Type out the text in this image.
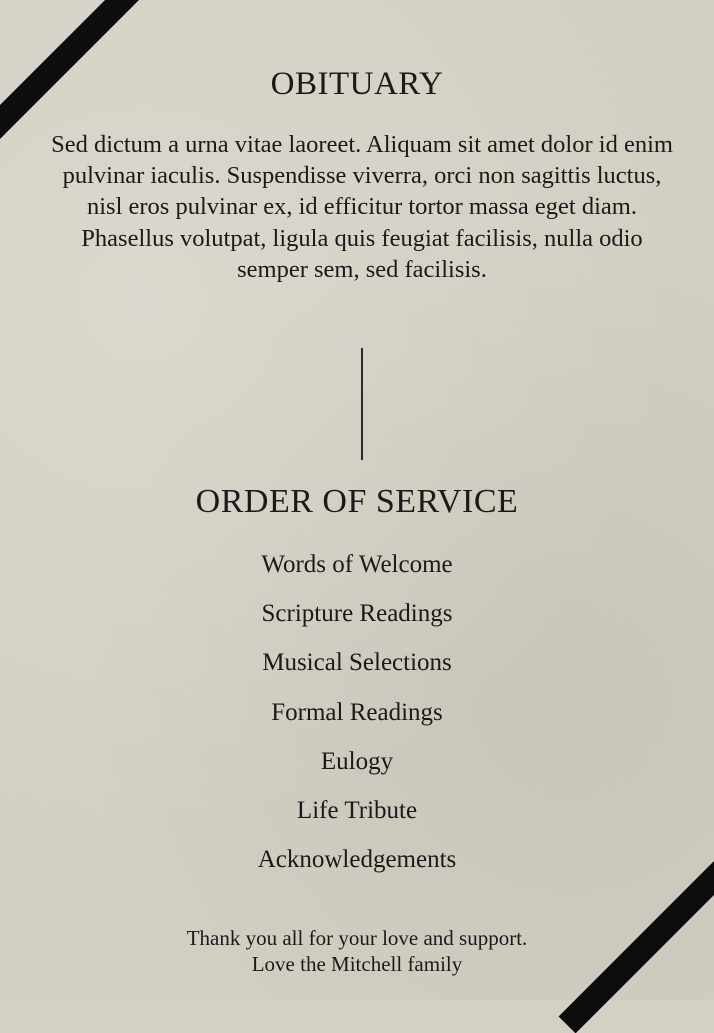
OBITUARY

Sed dictum a urna vitae laoreet. Aliquam sit amet dolor id enim pulvinar iaculis. Suspendisse viverra, orci non sagittis luctus, nisl eros pulvinar ex, id efficitur tortor massa eget diam. Phasellus volutpat, ligula quis feugiat facilisis, nulla odio semper sem, sed facilisis.

ORDER OF SERVICE
Words of Welcome
Scripture Readings
Musical Selections
Formal Readings
Eulogy
Life Tribute
Acknowledgements
Thank you all for your love and support.
Love the Mitchell family
